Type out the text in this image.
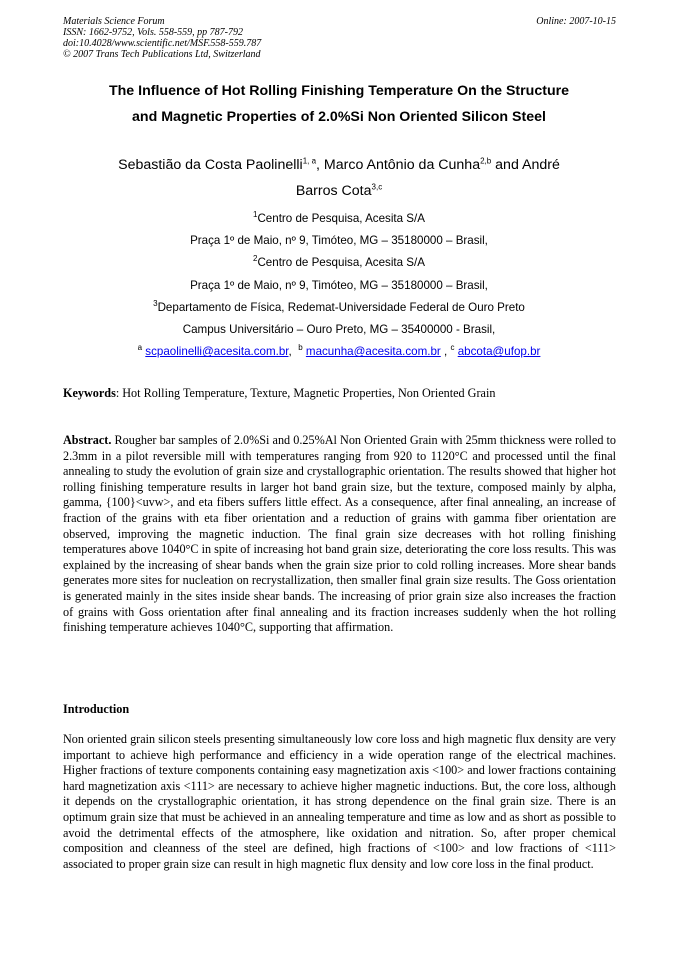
Materials Science Forum
ISSN: 1662-9752, Vols. 558-559, pp 787-792
doi:10.4028/www.scientific.net/MSF.558-559.787
© 2007 Trans Tech Publications Ltd, Switzerland
Online: 2007-10-15
The Influence of Hot Rolling Finishing Temperature On the Structure
and Magnetic Properties of 2.0%Si Non Oriented Silicon Steel
Sebastião da Costa Paolinelli$^{1, a}$, Marco Antônio da Cunha$^{2,b}$ and André
Barros Cota$^{3,c}$
$^1$Centro de Pesquisa, Acesita S/A
Praça 1º de Maio, nº 9, Timóteo, MG – 35180000 – Brasil,
$^2$Centro de Pesquisa, Acesita S/A
Praça 1º de Maio, nº 9, Timóteo, MG – 35180000 – Brasil,
$^3$Departamento de Física, Redemat-Universidade Federal de Ouro Preto
Campus Universitário – Ouro Preto, MG – 35400000 - Brasil,
$^a$ scpaolinelli@acesita.com.br, $^b$ macunha@acesita.com.br , $^c$ abcota@ufop.br
Keywords: Hot Rolling Temperature, Texture, Magnetic Properties, Non Oriented Grain
Abstract. Rougher bar samples of 2.0%Si and 0.25%Al Non Oriented Grain with 25mm thickness were rolled to 2.3mm in a pilot reversible mill with temperatures ranging from 920 to 1120°C and processed until the final annealing to study the evolution of grain size and crystallographic orientation. The results showed that higher hot rolling finishing temperature results in larger hot band grain size, but the texture, composed mainly by alpha, gamma, {100}<uvw>, and eta fibers suffers little effect. As a consequence, after final annealing, an increase of fraction of the grains with eta fiber orientation and a reduction of grains with gamma fiber orientation are observed, improving the magnetic induction. The final grain size decreases with hot rolling finishing temperatures above 1040°C in spite of increasing hot band grain size, deteriorating the core loss results. This was explained by the increasing of shear bands when the grain size prior to cold rolling increases. More shear bands generates more sites for nucleation on recrystallization, then smaller final grain size results. The Goss orientation is generated mainly in the sites inside shear bands. The increasing of prior grain size also increases the fraction of grains with Goss orientation after final annealing and its fraction increases suddenly when the hot rolling finishing temperature achieves 1040°C, supporting that affirmation.
Introduction
Non oriented grain silicon steels presenting simultaneously low core loss and high magnetic flux density are very important to achieve high performance and efficiency in a wide operation range of the electrical machines. Higher fractions of texture components containing easy magnetization axis <100> and lower fractions containing hard magnetization axis <111> are necessary to achieve higher magnetic inductions. But, the core loss, although it depends on the crystallographic orientation, it has strong dependence on the final grain size. There is an optimum grain size that must be achieved in an annealing temperature and time as low and as short as possible to avoid the detrimental effects of the atmosphere, like oxidation and nitration. So, after proper chemical composition and cleanness of the steel are defined, high fractions of <100> and low fractions of <111> associated to proper grain size can result in high magnetic flux density and low core loss in the final product.
